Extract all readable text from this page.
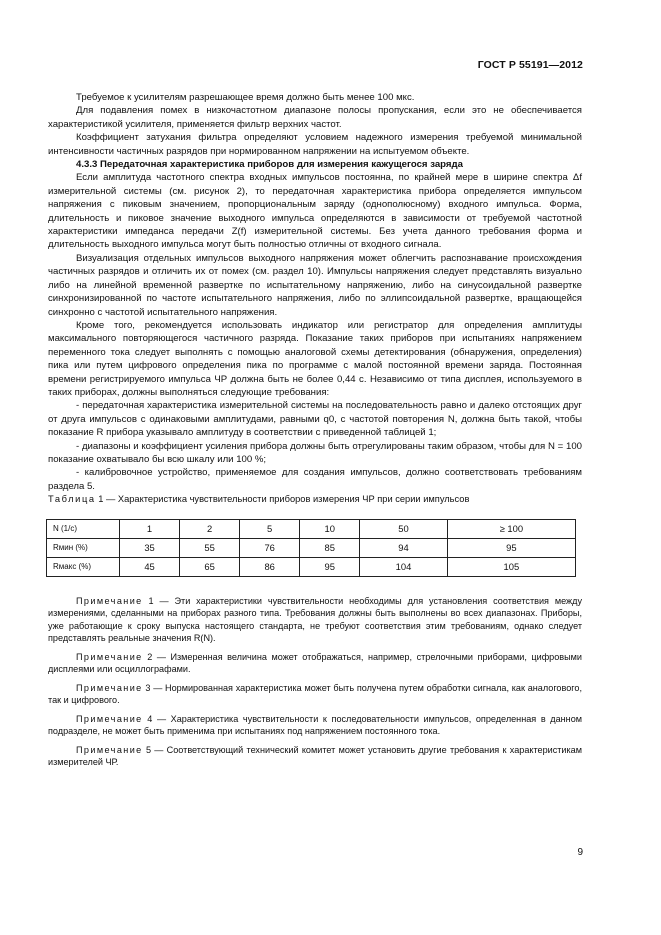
ГОСТ Р 55191—2012

Требуемое к усилителям разрешающее время должно быть менее 100 мкс.

Для подавления помех в низкочастотном диапазоне полосы пропускания, если это не обеспечивается характеристикой усилителя, применяется фильтр верхних частот.

Коэффициент затухания фильтра определяют условием надежного измерения требуемой минимальной интенсивности частичных разрядов при нормированном напряжении на испытуемом объекте.

4.3.3 Передаточная характеристика приборов для измерения кажущегося заряда

Если амплитуда частотного спектра входных импульсов постоянна, по крайней мере в ширине спектра Δf измерительной системы (см. рисунок 2), то передаточная характеристика прибора определяется импульсом напряжения с пиковым значением, пропорциональным заряду (однополюсному) входного импульса. Форма, длительность и пиковое значение выходного импульса определяются в зависимости от требуемой частотной характеристики импеданса передачи Z(f) измерительной системы. Без учета данного требования форма и длительность выходного импульса могут быть полностью отличны от входного сигнала.

Визуализация отдельных импульсов выходного напряжения может облегчить распознавание происхождения частичных разрядов и отличить их от помех (см. раздел 10). Импульсы напряжения следует представлять визуально либо на линейной временной развертке по испытательному напряжению, либо на синусоидальной развертке синхронизированной по частоте испытательного напряжения, либо по эллипсоидальной развертке, вращающейся синхронно с частотой испытательного напряжения.

Кроме того, рекомендуется использовать индикатор или регистратор для определения амплитуды максимального повторяющегося частичного разряда. Показание таких приборов при испытаниях напряжением переменного тока следует выполнять с помощью аналоговой схемы детектирования (обнаружения, определения) пика или путем цифрового определения пика по программе с малой постоянной времени заряда. Постоянная времени регистрируемого импульса ЧР должна быть не более 0,44 с. Независимо от типа дисплея, используемого в таких приборах, должны выполняться следующие требования:

- передаточная характеристика измерительной системы на последовательность равно и далеко отстоящих друг от друга импульсов с одинаковыми амплитудами, равными q0, с частотой повторения N, должна быть такой, чтобы показание R прибора указывало амплитуду в соответствии с приведенной таблицей 1;

- диапазоны и коэффициент усиления прибора должны быть отрегулированы таким образом, чтобы для N = 100 показание охватывало бы всю шкалу или 100 %;

- калибровочное устройство, применяемое для создания импульсов, должно соответствовать требованиям раздела 5.

Таблица 1 — Характеристика чувствительности приборов измерения ЧР при серии импульсов

N (1/с)	1	2	5	10	50	≥ 100
Rмин (%)	35	55	76	85	94	95
Rмакс (%)	45	65	86	95	104	105

Примечание 1 — Эти характеристики чувствительности необходимы для установления соответствия между измерениями, сделанными на приборах разного типа. Требования должны быть выполнены во всех диапазонах. Приборы, уже работающие к сроку выпуска настоящего стандарта, не требуют соответствия этим требованиям, однако следует представлять реальные значения R(N).

Примечание 2 — Измеренная величина может отображаться, например, стрелочными приборами, цифровыми дисплеями или осциллографами.

Примечание 3 — Нормированная характеристика может быть получена путем обработки сигнала, как аналогового, так и цифрового.

Примечание 4 — Характеристика чувствительности к последовательности импульсов, определенная в данном подразделе, не может быть применима при испытаниях под напряжением постоянного тока.

Примечание 5 — Соответствующий технический комитет может установить другие требования к характеристикам измерителей ЧР.

9
